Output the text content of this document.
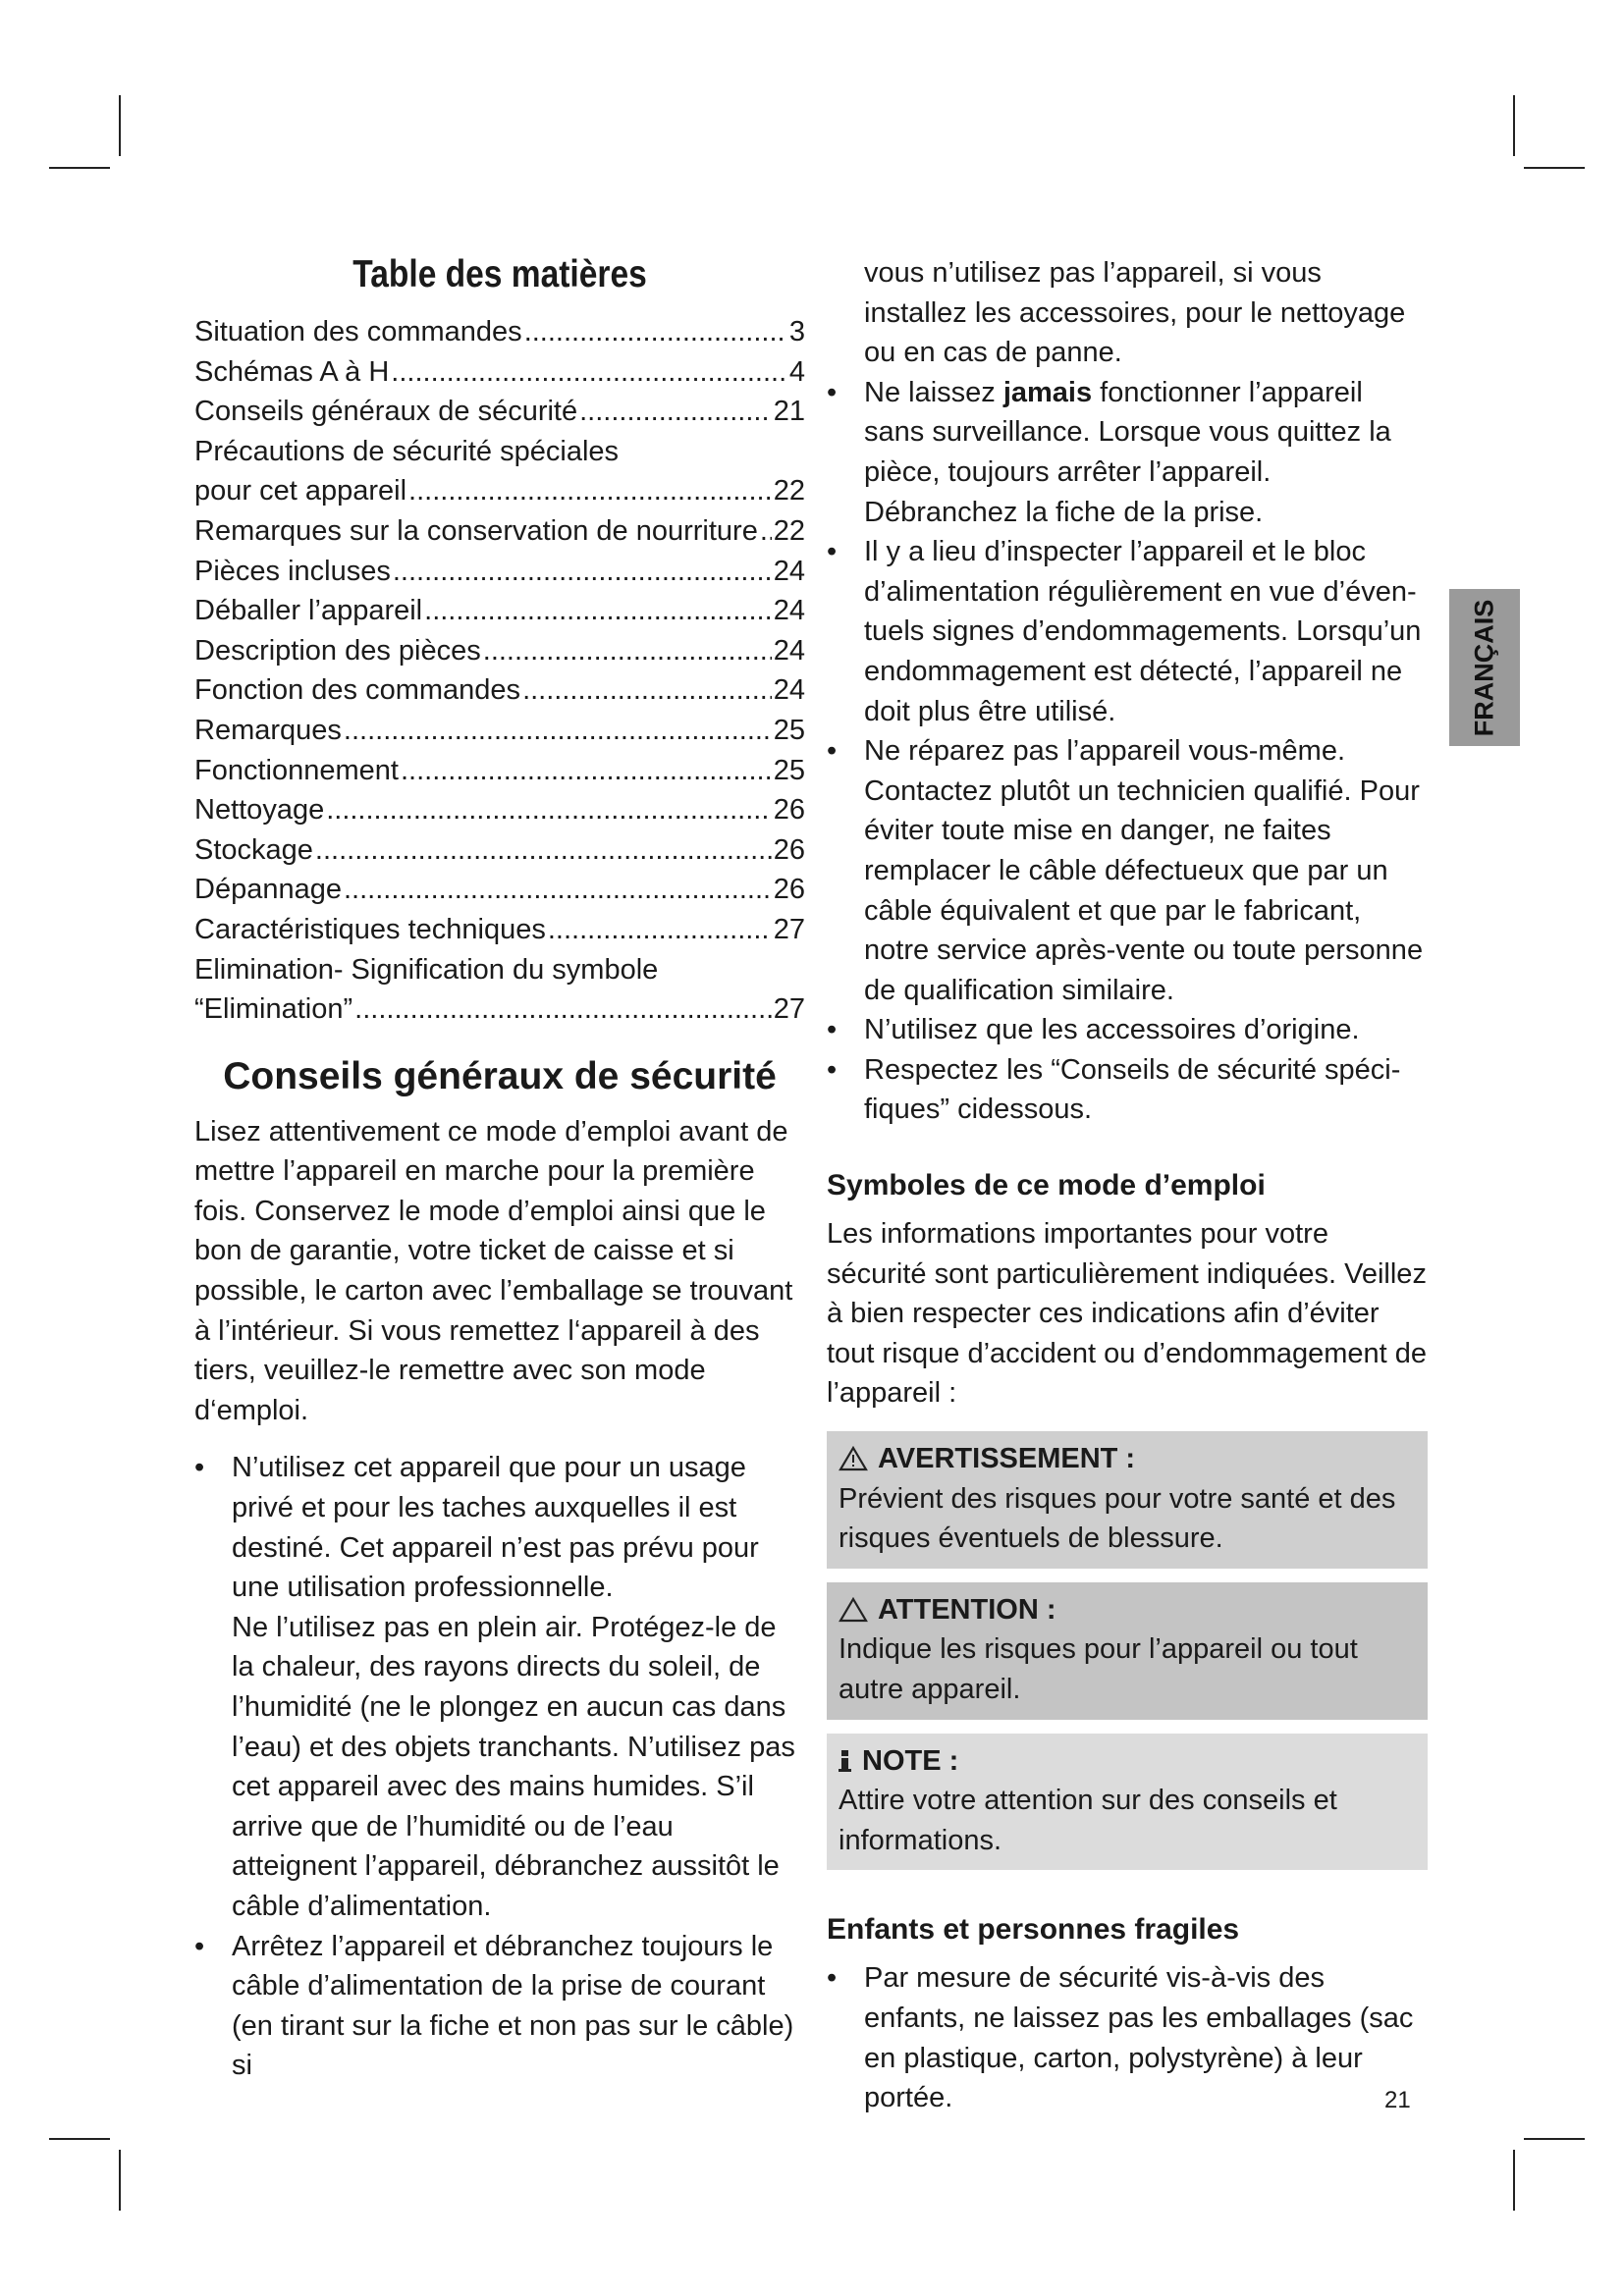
Table des matières
Situation des commandes .....	3
Schémas A à H .....	4
Conseils généraux de sécurité .....	21
Précautions de sécurité spéciales
pour cet appareil .....	22
Remarques sur la conservation de nourriture ..... 22
Pièces incluses .....	24
Déballer l’appareil .....	24
Description des pièces .....	24
Fonction des commandes .....	24
Remarques .....	25
Fonctionnement .....	25
Nettoyage .....	26
Stockage .....	26
Dépannage .....	26
Caractéristiques techniques .....	27
Elimination- Signification du symbole
“Elimination” .....	27
Conseils généraux de sécurité

Lisez attentivement ce mode d’emploi avant de mettre l’appareil en marche pour la première fois. Conservez le mode d’emploi ainsi que le bon de garantie, votre ticket de caisse et si possible, le carton avec l’emballage se trouvant à l’intérieur. Si vous remettez l‘appareil à des tiers, veuillez-le remettre avec son mode d‘emploi.

• N’utilisez cet appareil que pour un usage privé et pour les taches auxquelles il est destiné. Cet appareil n’est pas prévu pour une utilisation professionnelle.
Ne l’utilisez pas en plein air. Protégez-le de la chaleur, des rayons directs du soleil, de l’humidité (ne le plongez en aucun cas dans l’eau) et des objets tranchants. N’utilisez pas cet appareil avec des mains humides. S’il arrive que de l’humidité ou de l’eau atteignent l’appareil, débranchez aussitôt le câble d’alimentation.
• Arrêtez l’appareil et débranchez toujours le câble d’alimentation de la prise de courant (en tirant sur la fiche et non pas sur le câble) si

vous n’utilisez pas l’appareil, si vous installez les accessoires, pour le nettoyage ou en cas de panne.

• Ne laissez jamais fonctionner l’appareil sans surveillance. Lorsque vous quittez la pièce, toujours arrêter l’appareil. Débranchez la fiche de la prise.
• Il y a lieu d’inspecter l’appareil et le bloc d’alimentation régulièrement en vue d’éventuels signes d’endommagements. Lorsqu’un endommagement est détecté, l’appareil ne doit plus être utilisé.
• Ne réparez pas l’appareil vous-même. Contactez plutôt un technicien qualifié. Pour éviter toute mise en danger, ne faites remplacer le câble défectueux que par un câble équivalent et que par le fabricant, notre service après-vente ou toute personne de qualification similaire.
• N’utilisez que les accessoires d’origine.
• Respectez les “Conseils de sécurité spécifiques” cidessous.
Symboles de ce mode d’emploi

Les informations importantes pour votre sécurité sont particulièrement indiquées. Veillez à bien respecter ces indications afin d’éviter tout risque d’accident ou d’endommagement de l’appareil :

AVERTISSEMENT :
Prévient des risques pour votre santé et des risques éventuels de blessure.
ATTENTION :
Indique les risques pour l’appareil ou tout autre appareil.
NOTE :
Attire votre attention sur des conseils et informations.
Enfants et personnes fragiles
• Par mesure de sécurité vis-à-vis des enfants, ne laissez pas les emballages (sac en plastique, carton, polystyrène) à leur portée.
FRANÇAIS
21
